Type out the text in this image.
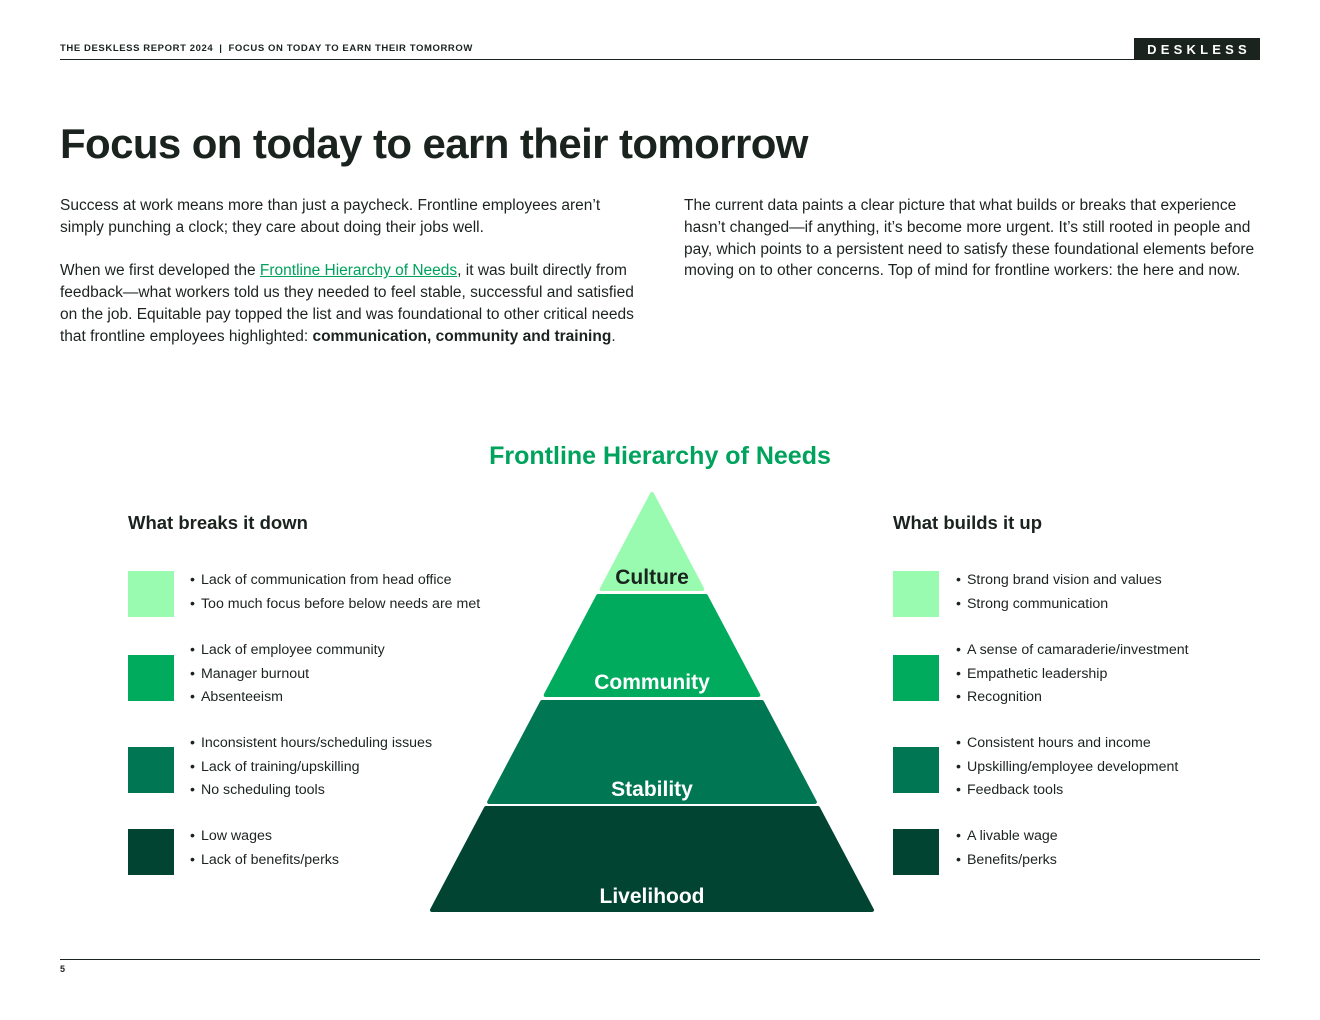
THE DESKLESS REPORT 2024 | FOCUS ON TODAY TO EARN THEIR TOMORROW	DESKLESS
Focus on today to earn their tomorrow

Success at work means more than just a paycheck. Frontline employees aren’t simply punching a clock; they care about doing their jobs well.

When we first developed the Frontline Hierarchy of Needs, it was built directly from feedback—what workers told us they needed to feel stable, successful and satisfied on the job. Equitable pay topped the list and was foundational to other critical needs that frontline employees highlighted: communication, community and training.

The current data paints a clear picture that what builds or breaks that experience hasn’t changed—if anything, it’s become more urgent. It’s still rooted in people and pay, which points to a persistent need to satisfy these foundational elements before moving on to other concerns. Top of mind for frontline workers: the here and now.

Frontline Hierarchy of Needs
What breaks it down	What builds it up
• Lack of communication from head office
• Too much focus before below needs are met
• Strong brand vision and values
• Strong communication
• Lack of employee community
• Manager burnout
• Absenteeism
• A sense of camaraderie/investment
• Empathetic leadership
• Recognition
• Inconsistent hours/scheduling issues
• Lack of training/upskilling
• No scheduling tools
• Consistent hours and income
• Upskilling/employee development
• Feedback tools
• Low wages
• Lack of benefits/perks
• A livable wage
• Benefits/perks
Culture
Community
Stability
Livelihood
5
